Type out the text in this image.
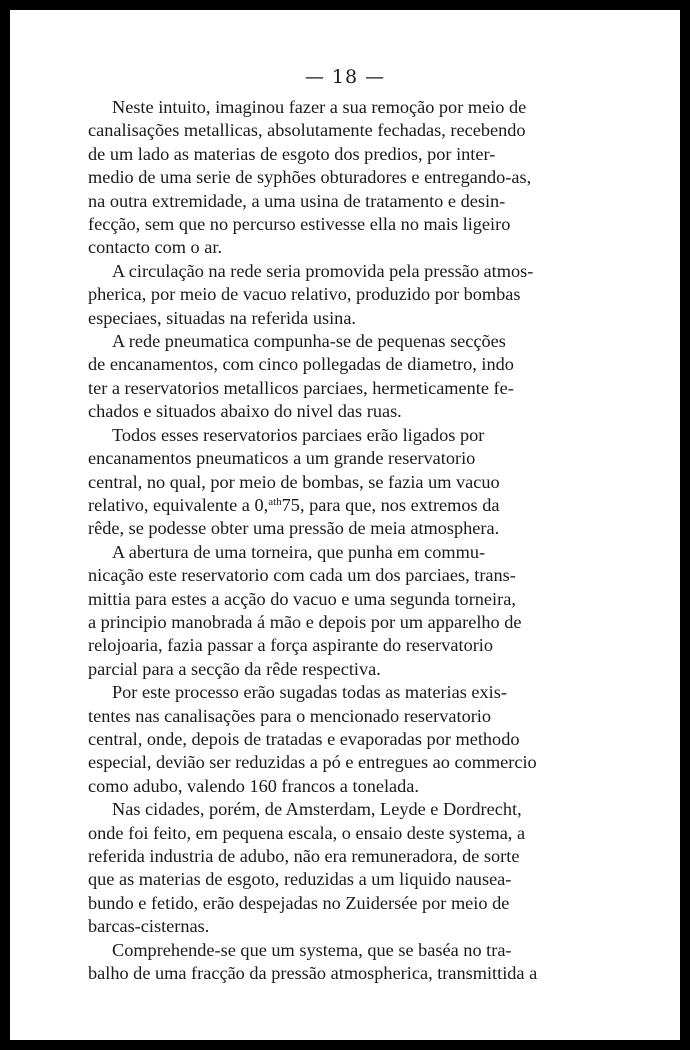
— 18 —

Neste intuito, imaginou fazer a sua remoção por meio de
canalisações metallicas, absolutamente fechadas, recebendo
de um lado as materias de esgoto dos predios, por inter-
medio de uma serie de syphões obturadores e entregando-as,
na outra extremidade, a uma usina de tratamento e desin-
fecção, sem que no percurso estivesse ella no mais ligeiro
contacto com o ar.

A circulação na rede seria promovida pela pressão atmos-
pherica, por meio de vacuo relativo, produzido por bombas
especiaes, situadas na referida usina.

A rede pneumatica compunha-se de pequenas secções
de encanamentos, com cinco pollegadas de diametro, indo
ter a reservatorios metallicos parciaes, hermeticamente fe-
chados e situados abaixo do nivel das ruas.

Todos esses reservatorios parciaes erão ligados por
encanamentos pneumaticos a um grande reservatorio
central, no qual, por meio de bombas, se fazia um vacuo
relativo, equivalente a 0,$^{ath}$75, para que, nos extremos da
rêde, se podesse obter uma pressão de meia atmosphera.

A abertura de uma torneira, que punha em commu-
nicação este reservatorio com cada um dos parciaes, trans-
mittia para estes a acção do vacuo e uma segunda torneira,
a principio manobrada á mão e depois por um apparelho de
relojoaria, fazia passar a força aspirante do reservatorio
parcial para a secção da rêde respectiva.

Por este processo erão sugadas todas as materias exis-
tentes nas canalisações para o mencionado reservatorio
central, onde, depois de tratadas e evaporadas por methodo
especial, devião ser reduzidas a pó e entregues ao commercio
como adubo, valendo 160 francos a tonelada.

Nas cidades, porém, de Amsterdam, Leyde e Dordrecht,
onde foi feito, em pequena escala, o ensaio deste systema, a
referida industria de adubo, não era remuneradora, de sorte
que as materias de esgoto, reduzidas a um liquido nausea-
bundo e fetido, erão despejadas no Zuidersée por meio de
barcas-cisternas.

Comprehende-se que um systema, que se baséa no tra-
balho de uma fracção da pressão atmospherica, transmittida a
